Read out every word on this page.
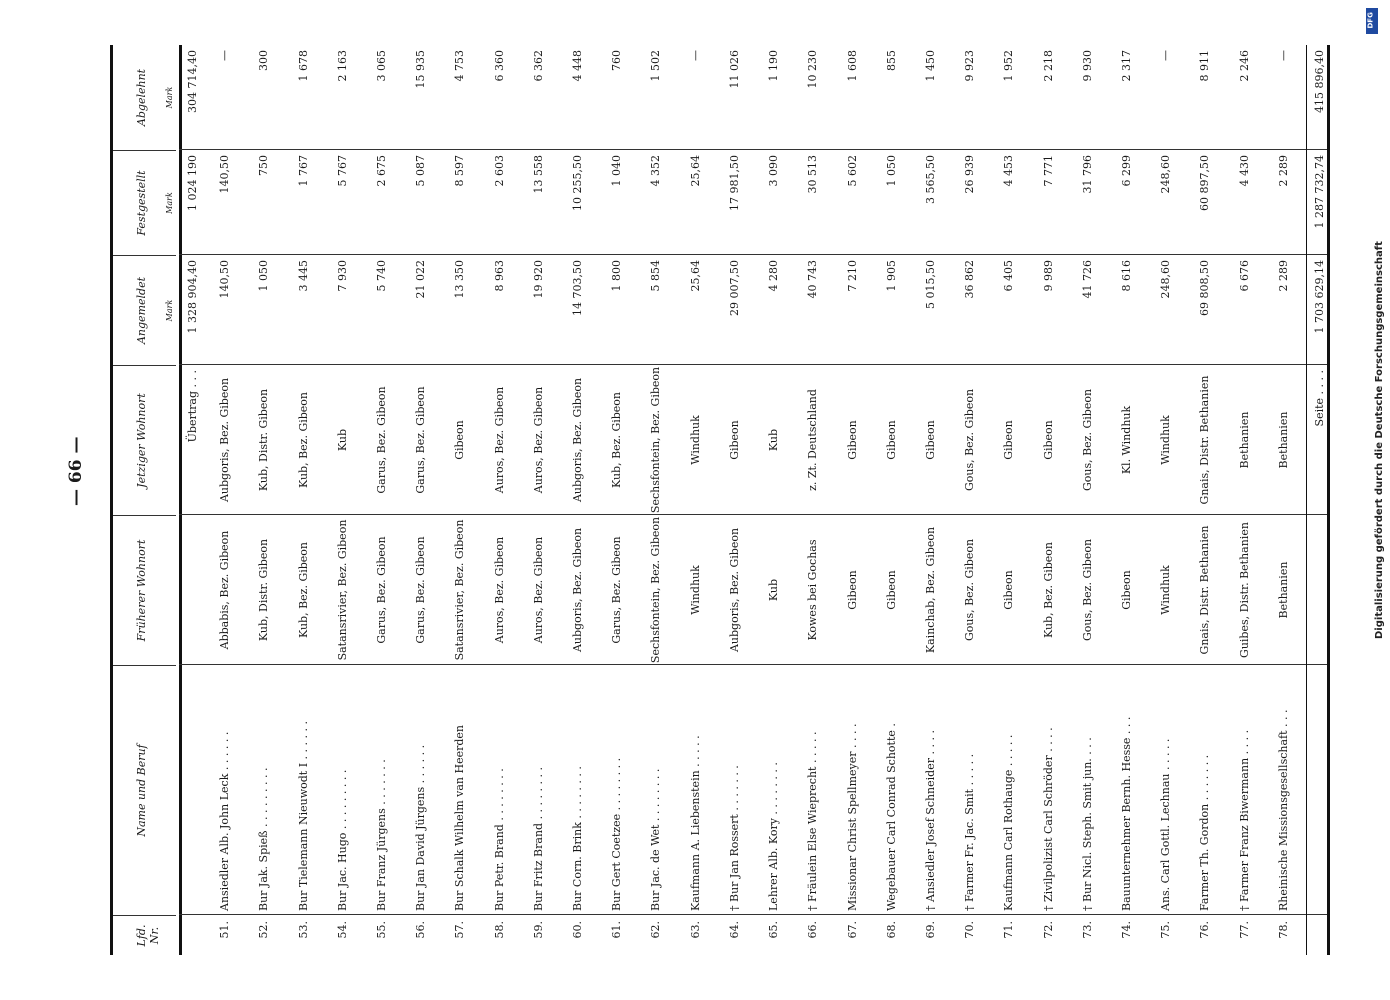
— 66 —	Digitalisierung gefördert durch die Deutsche Forschungsgemeinschaft
DFG
Lfd. Nr.
Name und Beruf
Früherer Wohnort
Jetziger Wohnort
Angemeldet Mark
Festgestellt Mark
Abgelehnt Mark
Übertrag . . .
1 328 904,40
1 024 190
304 714,40
51.
Ansiedler Alb. John Leck . . . . . .
Abbabis, Bez. Gibeon
Aubgoris, Bez. Gibeon
140,50
140,50
—
52.
Bur Jak. Spieß . . . . . . . . .
Kub, Distr. Gibeon
Kub, Distr. Gibeon
1 050
750
300
53.
Bur Tielemann Nieuwodt I . . . . . .
Kub, Bez. Gibeon
Kub, Bez. Gibeon
3 445
1 767
1 678
54.
Bur Jac. Hugo . . . . . . . . .
Satansrivier, Bez. Gibeon
Kub
7 930
5 767
2 163
55.
Bur Franz Jürgens . . . . . . .
Garus, Bez. Gibeon
Garus, Bez. Gibeon
5 740
2 675
3 065
56.
Bur Jan David Jürgens . . . . . .
Garus, Bez. Gibeon
Garus, Bez. Gibeon
21 022
5 087
15 935
57.
Bur Schalk Wilhelm van Heerden
Satansrivier, Bez. Gibeon
Gibeon
13 350
8 597
4 753
58.
Bur Petr. Brand . . . . . . . .
Auros, Bez. Gibeon
Auros, Bez. Gibeon
8 963
2 603
6 360
59.
Bur Fritz Brand . . . . . . . .
Auros, Bez. Gibeon
Auros, Bez. Gibeon
19 920
13 558
6 362
60.
Bur Corn. Brink . . . . . . . .
Aubgoris, Bez. Gibeon
Aubgoris, Bez. Gibeon
14 703,50
10 255,50
4 448
61.
Bur Gert Coetzee . . . . . . . .
Garus, Bez. Gibeon
Kub, Bez. Gibeon
1 800
1 040
760
62.
Bur Jac. de Wet . . . . . . . .
Sechsfontein, Bez. Gibeon
Sechsfontein, Bez. Gibeon
5 854
4 352
1 502
63.
Kaufmann A. Liebenstein . . . . .
Windhuk
Windhuk
25,64
25,64
—
64.
† Bur Jan Rossert . . . . . . .
Aubgoris, Bez. Gibeon
Gibeon
29 007,50
17 981,50
11 026
65.
Lehrer Alb. Kory . . . . . . . .
Kub
Kub
4 280
3 090
1 190
66.
† Fräulein Else Wieprecht . . . . .
Kowes bei Gochas
z. Zt. Deutschland
40 743
30 513
10 230
67.
Missionar Christ Spellmeyer . . . .
Gibeon
Gibeon
7 210
5 602
1 608
68.
Wegebauer Carl Conrad Schotte .
Gibeon
Gibeon
1 905
1 050
855
69.
† Ansiedler Josef Schneider . . . .
Kainchab, Bez. Gibeon
Gibeon
5 015,50
3 565,50
1 450
70.
† Farmer Fr. Jac. Smit . . . . .
Gous, Bez. Gibeon
Gous, Bez. Gibeon
36 862
26 939
9 923
71.
Kaufmann Carl Rothauge . . . . .
Gibeon
Gibeon
6 405
4 453
1 952
72.
† Zivilpolizist Carl Schröder . . . .
Kub, Bez. Gibeon
Gibeon
9 989
7 771
2 218
73.
† Bur Nicl. Steph. Smit jun. . . .
Gous, Bez. Gibeon
Gous, Bez. Gibeon
41 726
31 796
9 930
74.
Bauunternehmer Bernh. Hesse . . .
Gibeon
Kl. Windhuk
8 616
6 299
2 317
75.
Ans. Carl Gottl. Lechnau . . . . .
Windhuk
Windhuk
248,60
248,60
—
76.
Farmer Th. Gordon . . . . . . .
Gnais, Distr. Bethanien
Gnais, Distr. Bethanien
69 808,50
60 897,50
8 911
77.
† Farmer Franz Biwermann . . . .
Guibes, Distr. Bethanien
Bethanien
6 676
4 430
2 246
78.
Rheinische Missionsgesellschaft . . .
Bethanien
Bethanien
2 289
2 289
—
Seite . . . .
1 703 629,14
1 287 732,74
415 896,40
